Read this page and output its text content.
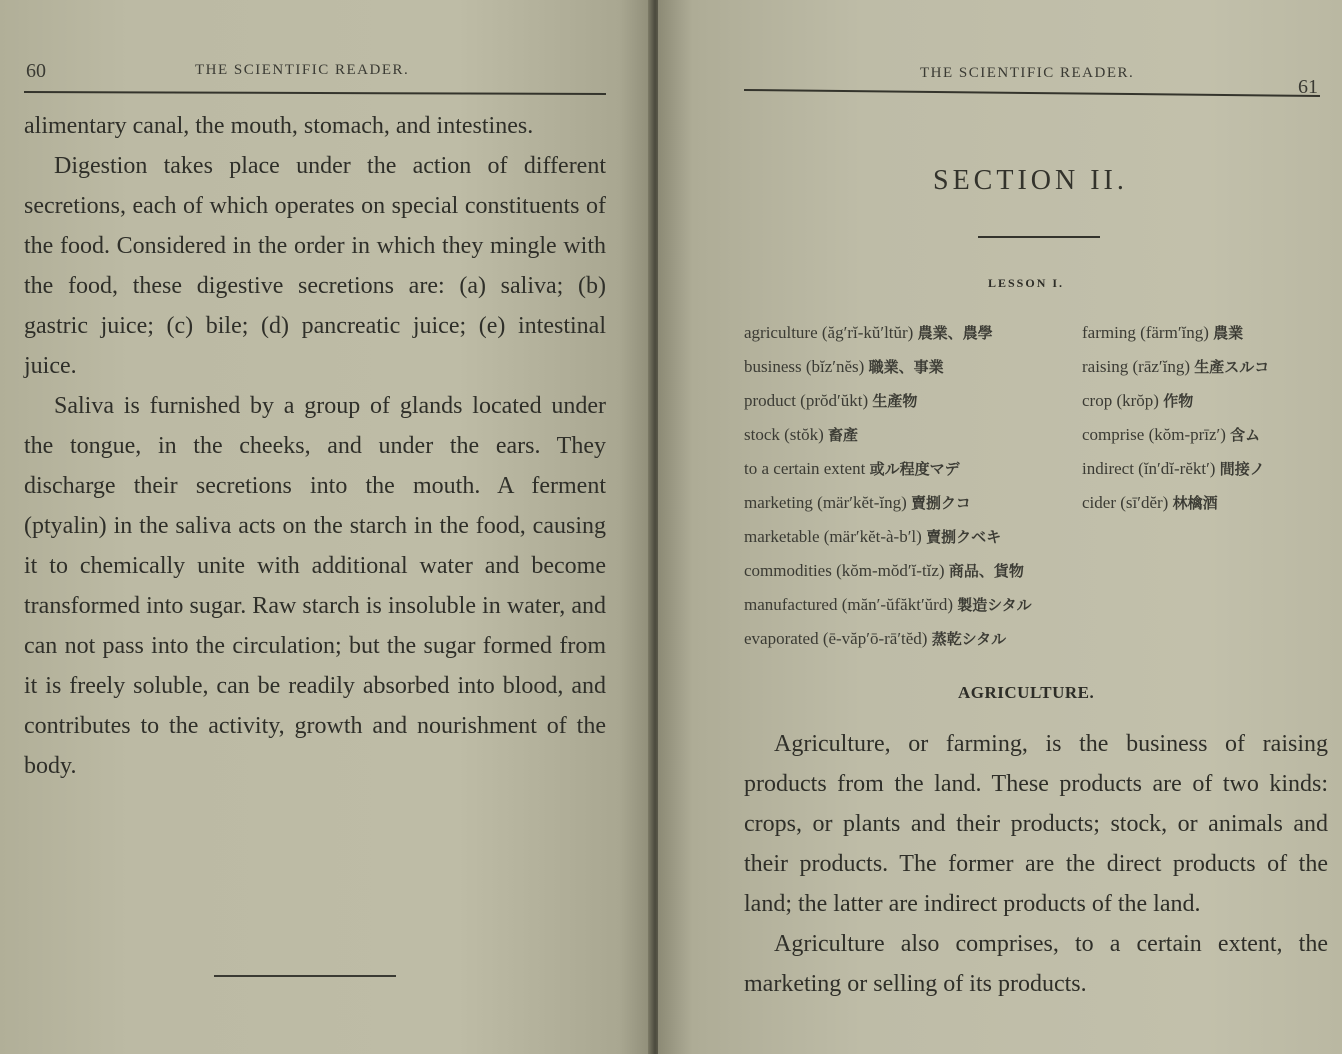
60	THE SCIENTIFIC READER.

alimentary canal, the mouth, stomach, and intestines.

Digestion takes place under the action of different secretions, each of which operates on special constituents of the food. Considered in the order in which they mingle with the food, these digestive secretions are: (a) saliva; (b) gastric juice; (c) bile; (d) pancreatic juice; (e) intestinal juice.

Saliva is furnished by a group of glands located under the tongue, in the cheeks, and under the ears. They discharge their secretions into the mouth. A ferment (ptyalin) in the saliva acts on the starch in the food, causing it to chemically unite with additional water and become transformed into sugar. Raw starch is insoluble in water, and can not pass into the circulation; but the sugar formed from it is freely soluble, can be readily absorbed into blood, and contributes to the activity, growth and nourishment of the body.

THE SCIENTIFIC READER.
61
SECTION II.
LESSON I.
agriculture (ăg′rĭ-kŭ′ltŭr) 農業、農學
business (bĭz′nĕs) 職業、事業
product (prŏd′ŭkt) 生產物
stock (stŏk) 畜產
to a certain extent 或ル程度マデ
marketing (mär′kĕt-ĭng) 賣捌クコ
marketable (mär′kĕt-à-b′l) 賣捌クベキ
commodities (kŏm-mŏd′ĭ-tĭz) 商品、貨物
manufactured (măn′-ŭfăkt′ŭrd) 製造シタル
evaporated (ē-văp′ō-rā′tĕd) 蒸乾シタル
farming (färm′ĭng) 農業
raising (rāz′ĭng) 生產スルコ
crop (krŏp) 作物
comprise (kŏm-prīz′) 含ム
indirect (ĭn′dĭ-rĕkt′) 間接ノ
cider (sī′dĕr) 林檎酒
AGRICULTURE.

Agriculture, or farming, is the business of raising products from the land. These products are of two kinds: crops, or plants and their products; stock, or animals and their products. The former are the direct products of the land; the latter are indirect products of the land.

Agriculture also comprises, to a certain extent, the marketing or selling of its products.
